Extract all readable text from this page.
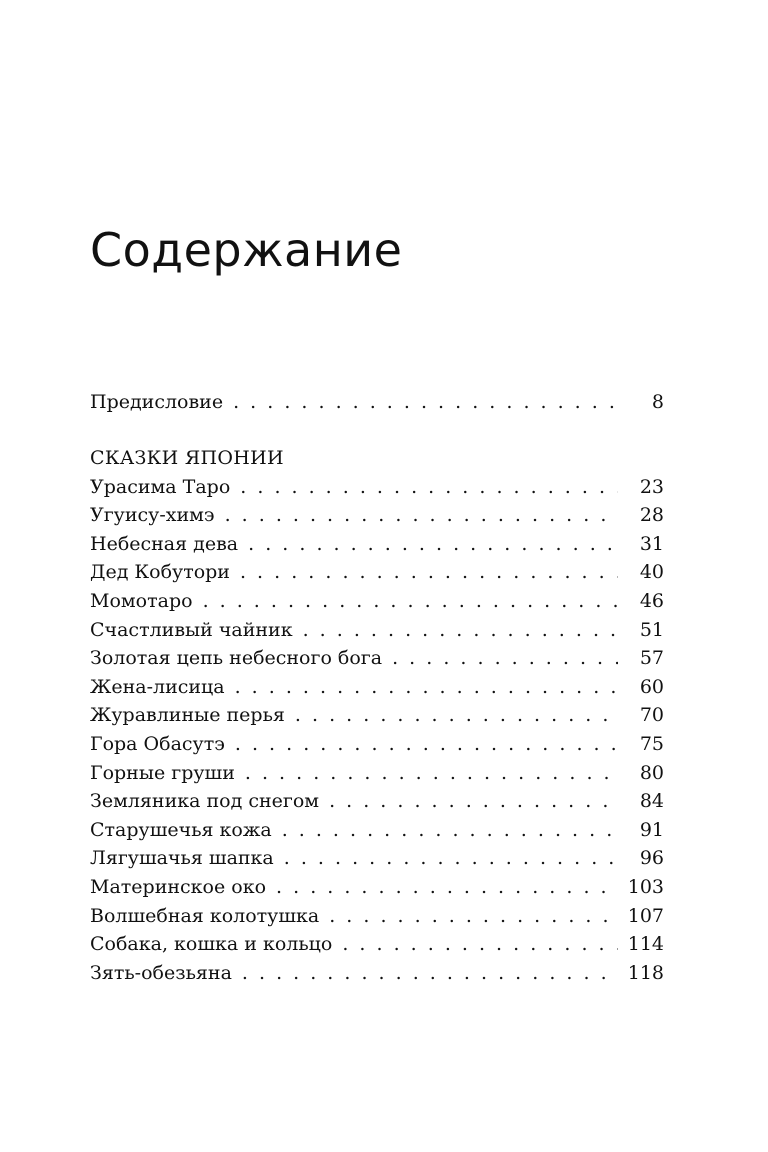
Содержание
Предисловие . . .	8
СКАЗКИ ЯПОНИИ
Урасима Таро . . .	23
Угуису-химэ . . .	28
Небесная дева . . .	31
Дед Кобутори . . .	40
Момотаро . . .	46
Счастливый чайник . . .	51
Золотая цепь небесного бога . . .	57
Жена-лисица . . .	60
Журавлиные перья . . .	70
Гора Обасутэ . . .	75
Горные груши . . .	80
Земляника под снегом . . .	84
Старушечья кожа . . .	91
Лягушачья шапка . . .	96
Материнское око . . .	103
Волшебная колотушка . . .	107
Собака, кошка и кольцо . . .	114
Зять-обезьяна . . .	118
